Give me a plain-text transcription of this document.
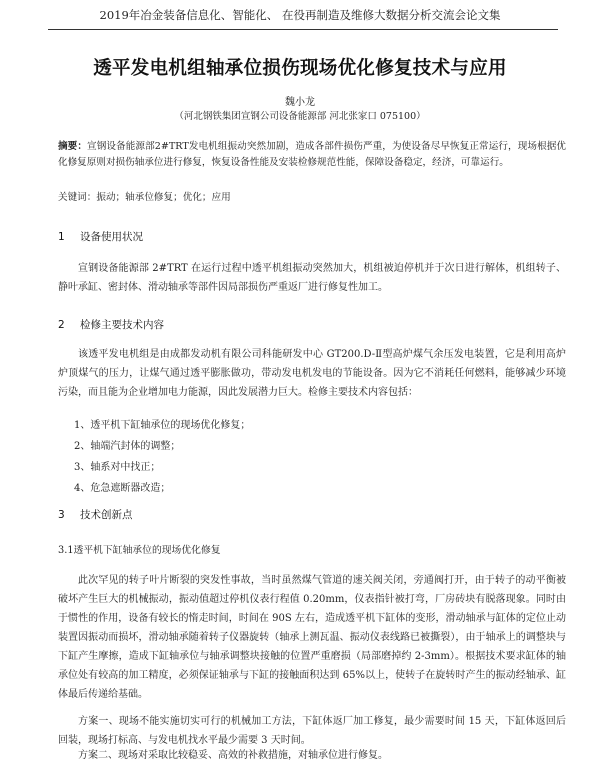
2019年冶金装备信息化、智能化、 在役再制造及维修大数据分析交流会论文集
透平发电机组轴承位损伤现场优化修复技术与应用
魏小龙
（河北钢铁集团宣钢公司设备能源部 河北张家口 075100）
摘要：宣钢设备能源部2#TRT发电机组振动突然加剧，造成各部件损伤严重，为使设备尽早恢复正常运行，现场根据优化修复原则对损伤轴承位进行修复，恢复设备性能及安装检修规范性能，保障设备稳定，经济，可靠运行。
关键词：振动；轴承位修复；优化；应用
1 设备使用状况
宣钢设备能源部 2#TRT 在运行过程中透平机组振动突然加大，机组被迫停机并于次日进行解体，机组转子、静叶承缸、密封体、滑动轴承等部件因局部损伤严重返厂进行修复性加工。
2 检修主要技术内容
该透平发电机组是由成都发动机有限公司科能研发中心 GT200.D-Ⅱ型高炉煤气余压发电装置，它是利用高炉炉顶煤气的压力，让煤气通过透平膨胀做功，带动发电机发电的节能设备。因为它不消耗任何燃料，能够减少环境污染，而且能为企业增加电力能源，因此发展潜力巨大。检修主要技术内容包括：
1、透平机下缸轴承位的现场优化修复；
2、轴端汽封体的调整；
3、轴系对中找正；
4、危急遮断器改造；
3 技术创新点
3.1透平机下缸轴承位的现场优化修复
此次罕见的转子叶片断裂的突发性事故，当时虽然煤气管道的速关阀关闭，旁通阀打开，由于转子的动平衡被破坏产生巨大的机械振动，振动值超过停机仪表行程值 0.20mm，仪表指针被打弯，厂房砖块有脱落现象。同时由于惯性的作用，设备有较长的惰走时间，时间在 90S 左右，造成透平机下缸体的变形，滑动轴承与缸体的定位止动装置因振动而损坏，滑动轴承随着转子仪器旋转（轴承上测瓦温、振动仪表线路已被撕裂），由于轴承上的调整块与下缸产生摩擦，造成下缸轴承位与轴承调整块接触的位置严重磨损（局部磨掉约 2-3mm）。根据技术要求缸体的轴承位处有较高的加工精度，必须保证轴承与下缸的接触面积达到 65%以上，使转子在旋转时产生的振动经轴承、缸体最后传递给基础。
方案一、现场不能实施切实可行的机械加工方法，下缸体返厂加工修复，最少需要时间 15 天，下缸体返回后回装，现场打标高、与发电机找水平最少需要 3 天时间。
方案二、现场对采取比较稳妥、高效的补救措施，对轴承位进行修复。
